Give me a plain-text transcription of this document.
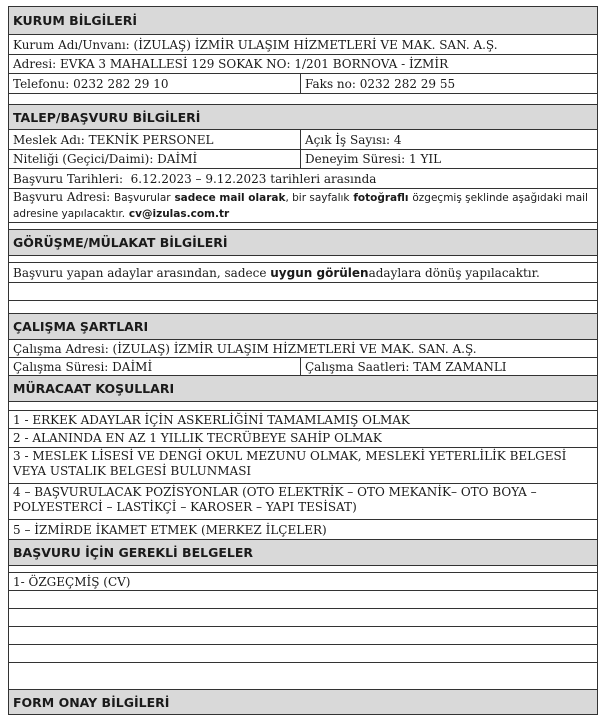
KURUM BİLGİLERİ
Kurum Adı/Unvanı: (İZULAŞ) İZMİR ULAŞIM HİZMETLERİ VE MAK. SAN. A.Ş.
Adresi: EVKA 3 MAHALLESİ 129 SOKAK NO: 1/201 BORNOVA - İZMİR
Telefonu: 0232 282 29 10	Faks no: 0232 282 29 55
TALEP/BAŞVURU BİLGİLERİ
Meslek Adı: TEKNİK PERSONEL	Açık İş Sayısı: 4
Niteliği (Geçici/Daimi): DAİMİ	Deneyim Süresi: 1 YIL
Başvuru Tarihleri:
6.12.2023 – 9.12.2023 tarihleri arasında
Başvuru Adresi: Başvurular sadece mail olarak, bir sayfalık fotoğraflı özgeçmiş şeklinde aşağıdaki mail adresine yapılacaktır. cv@izulas.com.tr
GÖRÜŞME/MÜLAKAT BİLGİLERİ
Başvuru yapan adaylar arasından, sadece
uygun görülen adaylara dönüş yapılacaktır.
ÇALIŞMA ŞARTLARI
Çalışma Adresi: (İZULAŞ) İZMİR ULAŞIM HİZMETLERİ VE MAK. SAN. A.Ş.
Çalışma Süresi: DAİMİ	Çalışma Saatleri: TAM ZAMANLI
MÜRACAAT KOŞULLARI
1 - ERKEK ADAYLAR İÇİN ASKERLİĞİNİ TAMAMLAMIŞ OLMAK
2 - ALANINDA EN AZ 1 YILLIK TECRÜBEYE SAHİP OLMAK
3 - MESLEK LİSESİ VE DENGİ OKUL MEZUNU OLMAK, MESLEKİ YETERLİLİK BELGESİ VEYA USTALIK BELGESİ BULUNMASI
4 – BAŞVURULACAK POZİSYONLAR (OTO ELEKTRİK – OTO MEKANİK– OTO BOYA – POLYESTERCİ – LASTİKÇİ – KAROSER – YAPI TESİSAT)
5 – İZMİRDE İKAMET ETMEK (MERKEZ İLÇELER)
BAŞVURU İÇİN GEREKLİ BELGELER
1- ÖZGEÇMİŞ (CV)
FORM ONAY BİLGİLERİ
